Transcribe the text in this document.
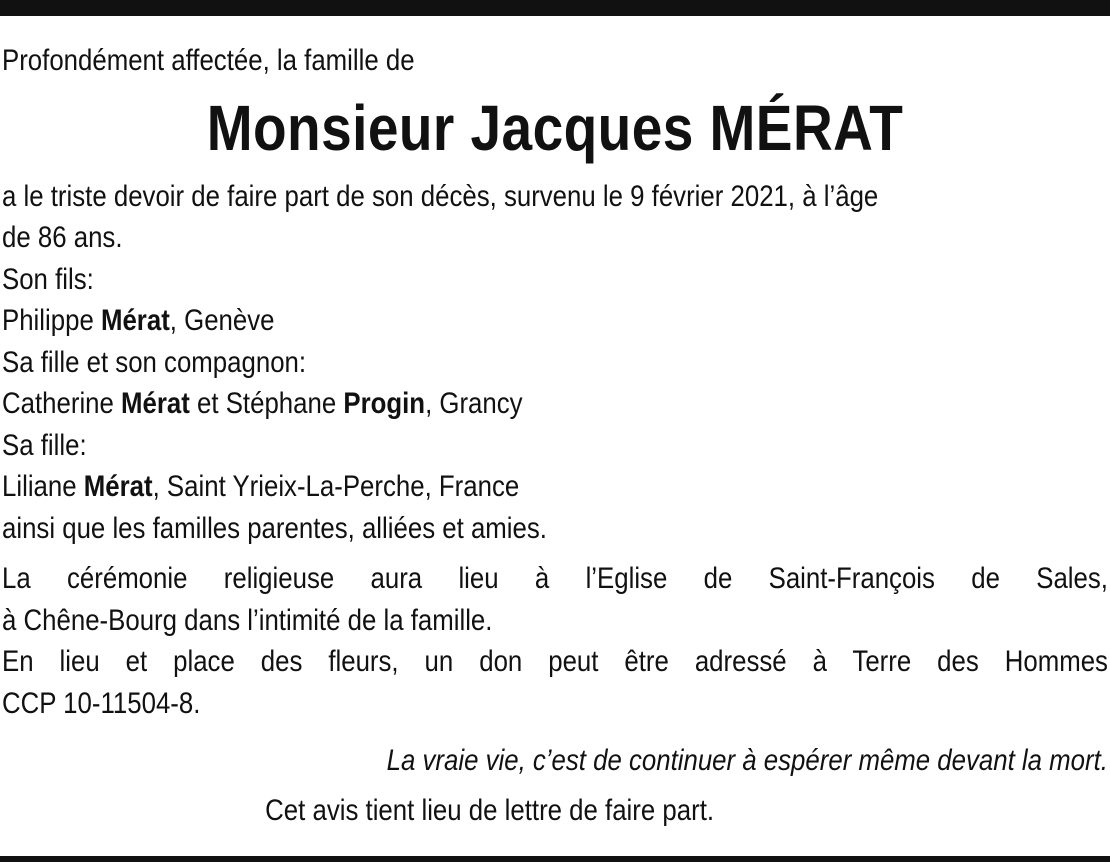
Profondément affectée, la famille de
Monsieur Jacques MÉRAT
a le triste devoir de faire part de son décès, survenu le 9 février 2021, à l’âge
de 86 ans.
Son fils:
Philippe Mérat, Genève
Sa fille et son compagnon:
Catherine Mérat et Stéphane Progin, Grancy
Sa fille:
Liliane Mérat, Saint Yrieix-La-Perche, France
ainsi que les familles parentes, alliées et amies.
La cérémonie religieuse aura lieu à l’Eglise de Saint-François de Sales,
à Chêne-Bourg dans l’intimité de la famille.
En lieu et place des fleurs, un don peut être adressé à Terre des Hommes
CCP 10-11504-8.
La vraie vie, c’est de continuer à espérer même devant la mort.
Cet avis tient lieu de lettre de faire part.
